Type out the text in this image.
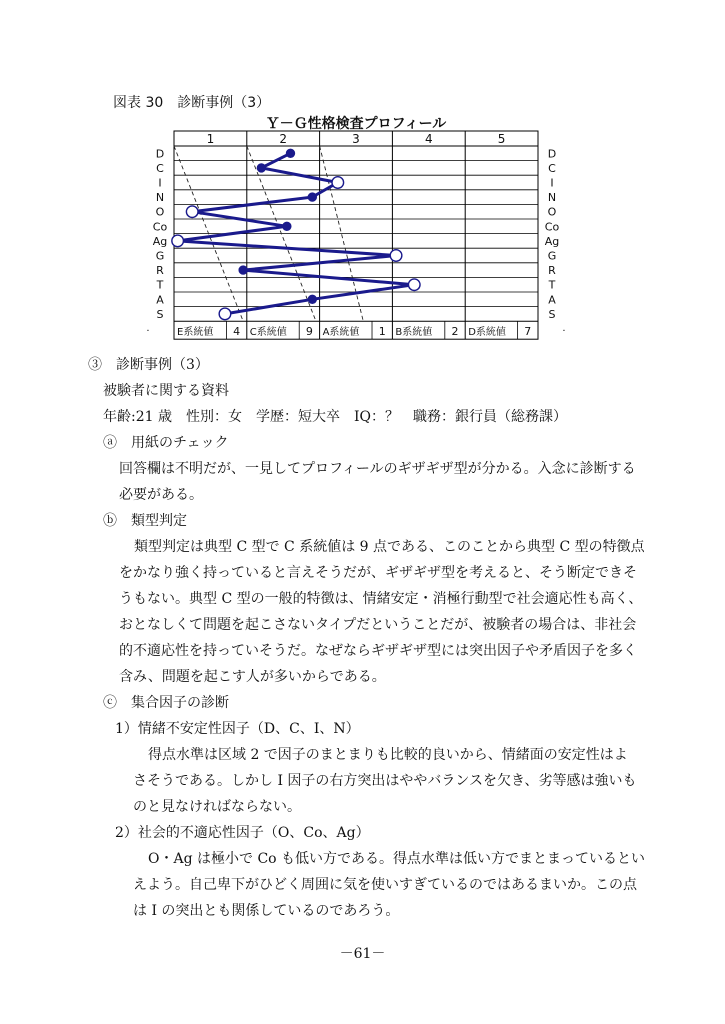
図表 30　診断事例（3）
Ｙ－Ｇ性格検査プロフィール
1	2	3	4	5
D	D
C	C
I	I
N	N
O	O
Co	Co
Ag	Ag
G	G
R	R
T	T
A	A
S	S
.	.
E系統値 4 C系統値 9 A系統値 1 B系統値 2 D系統値 7
③　診断事例（3）
被験者に関する資料
年齢:21 歳　性別：女　学歴：短大卒　IQ：？　職務：銀行員（総務課）
ⓐ　用紙のチェック
回答欄は不明だが、一見してプロフィールのギザギザ型が分かる。入念に診断する
必要がある。
ⓑ　類型判定
類型判定は典型 C 型で C 系統値は 9 点である、このことから典型 C 型の特徴点
をかなり強く持っていると言えそうだが、ギザギザ型を考えると、そう断定できそ
うもない。典型 C 型の一般的特徴は、情緒安定・消極行動型で社会適応性も高く、
おとなしくて問題を起こさないタイプだということだが、被験者の場合は、非社会
的不適応性を持っていそうだ。なぜならギザギザ型には突出因子や矛盾因子を多く
含み、問題を起こす人が多いからである。
ⓒ　集合因子の診断
1）情緒不安定性因子（D、C、I、N）
得点水準は区域 2 で因子のまとまりも比較的良いから、情緒面の安定性はよ
さそうである。しかし I 因子の右方突出はややバランスを欠き、劣等感は強いも
のと見なければならない。
2）社会的不適応性因子（O、Co、Ag）
O・Ag は極小で Co も低い方である。得点水準は低い方でまとまっているとい
えよう。自己卑下がひどく周囲に気を使いすぎているのではあるまいか。この点
は I の突出とも関係しているのであろう。
－61－
